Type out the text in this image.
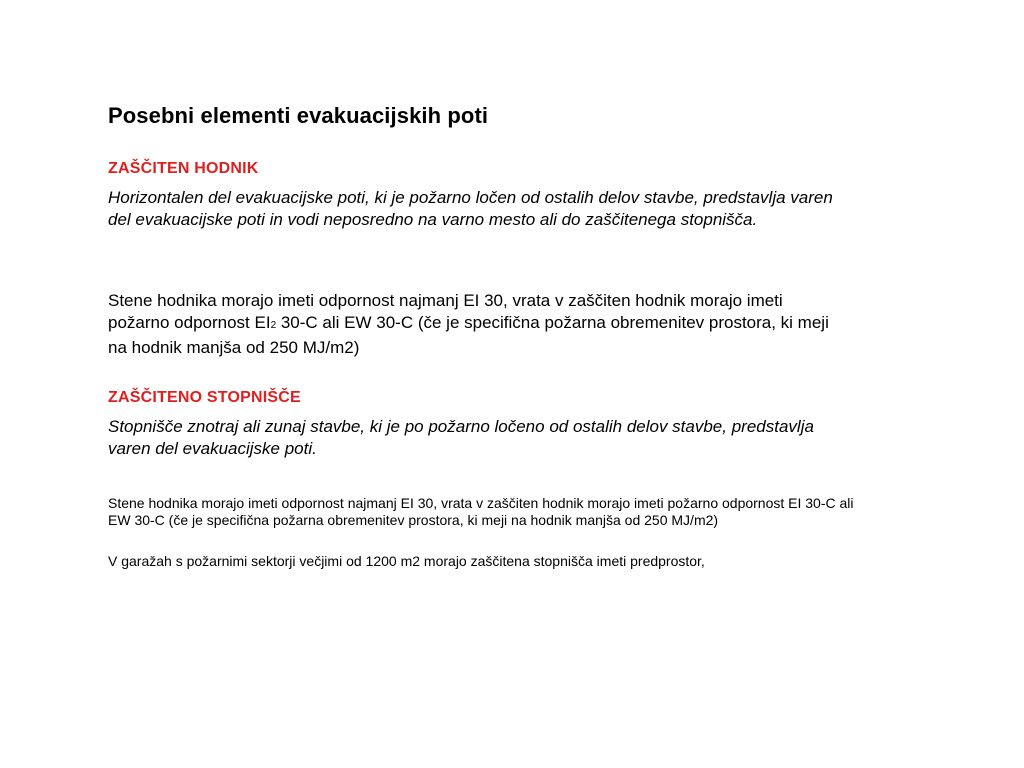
Posebni elementi evakuacijskih poti
ZAŠČITEN HODNIK
Horizontalen del evakuacijske poti, ki je požarno ločen od ostalih delov stavbe, predstavlja varen del evakuacijske poti in vodi neposredno na varno mesto ali do zaščitenega stopnišča.
Stene hodnika morajo imeti odpornost najmanj EI 30, vrata v zaščiten hodnik morajo imeti požarno odpornost EI2 30-C ali EW 30-C (če je specifična požarna obremenitev prostora, ki meji na hodnik manjša od 250 MJ/m2)
ZAŠČITENO STOPNIŠČE
Stopnišče znotraj ali zunaj stavbe, ki je po požarno ločeno od ostalih delov stavbe, predstavlja varen del evakuacijske poti.
Stene hodnika morajo imeti odpornost najmanj EI 30, vrata v zaščiten hodnik morajo imeti požarno odpornost EI 30-C ali EW 30-C (če je specifična požarna obremenitev prostora, ki meji na hodnik manjša od 250 MJ/m2)
V garažah s požarnimi sektorji večjimi od 1200 m2 morajo zaščitena stopnišča imeti predprostor,
